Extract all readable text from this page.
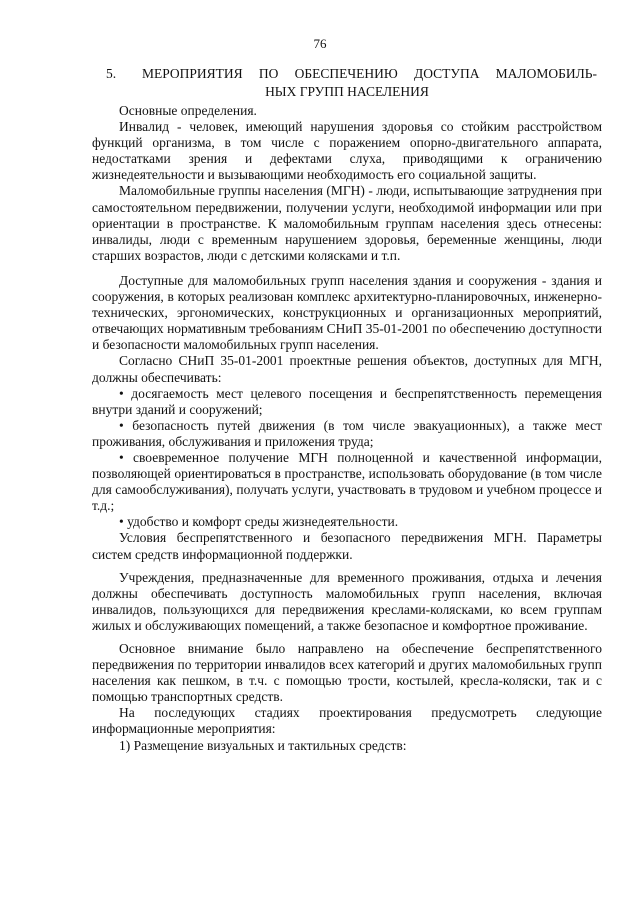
76
5. МЕРОПРИЯТИЯ ПО ОБЕСПЕЧЕНИЮ ДОСТУПА МАЛОМОБИЛЬ-
НЫХ ГРУПП НАСЕЛЕНИЯ

Основные определения.

Инвалид - человек, имеющий нарушения здоровья со стойким расстройством функций организма, в том числе с поражением опорно-двигательного аппарата, недостатками зрения и дефектами слуха, приводящими к ограничению жизнедеятельности и вызывающими необходимость его социальной защиты.

Маломобильные группы населения (МГН) - люди, испытывающие затруднения при самостоятельном передвижении, получении услуги, необходимой информации или при ориентации в пространстве. К маломобильным группам населения здесь отнесены: инвалиды, люди с временным нарушением здоровья, беременные женщины, люди старших возрастов, люди с детскими колясками и т.п.

Доступные для маломобильных групп населения здания и сооружения - здания и сооружения, в которых реализован комплекс архитектурно-планировочных, инженерно-технических, эргономических, конструкционных и организационных мероприятий, отвечающих нормативным требованиям СНиП 35-01-2001 по обеспечению доступности и безопасности маломобильных групп населения.

Согласно СНиП 35-01-2001 проектные решения объектов, доступных для МГН, должны обеспечивать:

• досягаемость мест целевого посещения и беспрепятственность перемещения внутри зданий и сооружений;

• безопасность путей движения (в том числе эвакуационных), а также мест проживания, обслуживания и приложения труда;

• своевременное получение МГН полноценной и качественной информации, позволяющей ориентироваться в пространстве, использовать оборудование (в том числе для самообслуживания), получать услуги, участвовать в трудовом и учебном процессе и т.д.;

• удобство и комфорт среды жизнедеятельности.

Условия беспрепятственного и безопасного передвижения МГН. Параметры систем средств информационной поддержки.

Учреждения, предназначенные для временного проживания, отдыха и лечения должны обеспечивать доступность маломобильных групп населения, включая инвалидов, пользующихся для передвижения креслами-колясками, ко всем группам жилых и обслуживающих помещений, а также безопасное и комфортное проживание.

Основное внимание было направлено на обеспечение беспрепятственного передвижения по территории инвалидов всех категорий и других маломобильных групп населения как пешком, в т.ч. с помощью трости, костылей, кресла-коляски, так и с помощью транспортных средств.

На последующих стадиях проектирования предусмотреть следующие информационные мероприятия:

1) Размещение визуальных и тактильных средств:
